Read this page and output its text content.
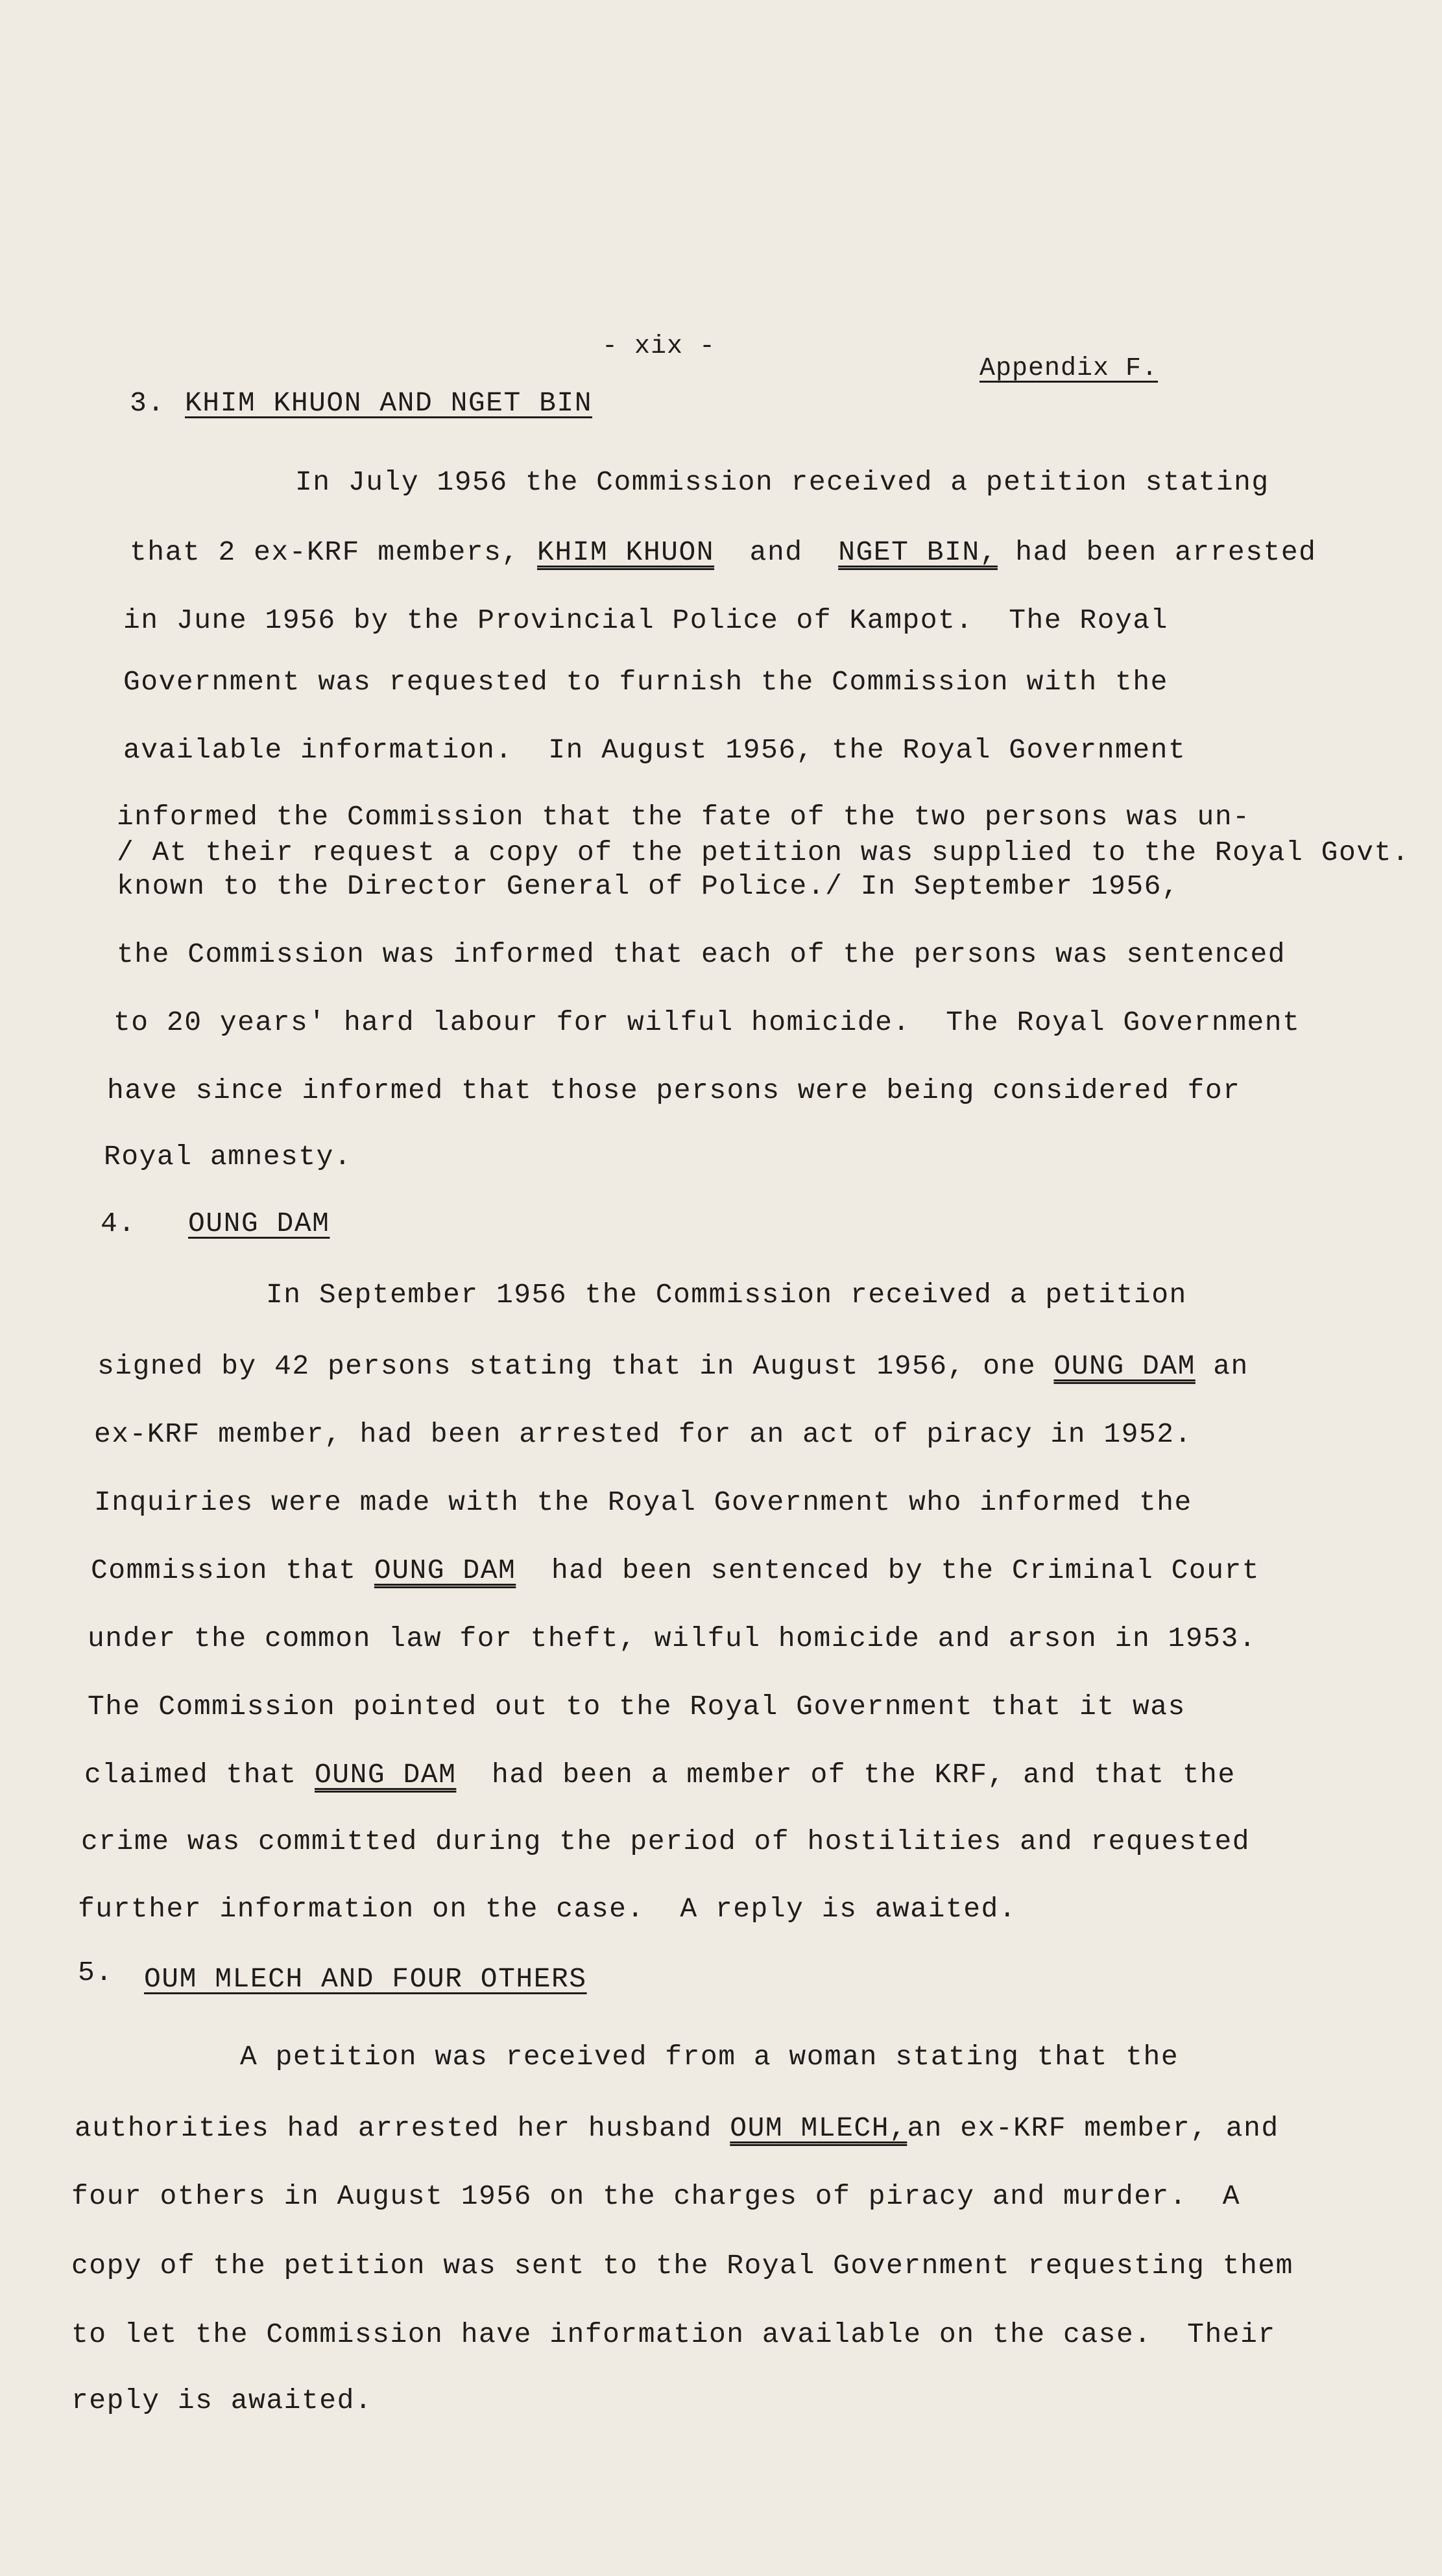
- xix -
Appendix F.
3. KHIM KHUON AND NGET BIN
In July 1956 the Commission received a petition stating
that 2 ex-KRF members, KHIM KHUON and NGET BIN, had been arrested
in June 1956 by the Provincial Police of Kampot.  The Royal
Government was requested to furnish the Commission with the
available information.  In August 1956, the Royal Government
informed the Commission that the fate of the two persons was un-
/ At their request a copy of the petition was supplied to the Royal Govt.
known to the Director General of Police./ In September 1956,
the Commission was informed that each of the persons was sentenced
to 20 years' hard labour for wilful homicide.  The Royal Government
have since informed that those persons were being considered for
Royal amnesty.
4. OUNG DAM
In September 1956 the Commission received a petition
signed by 42 persons stating that in August 1956, one OUNG DAM an
ex-KRF member, had been arrested for an act of piracy in 1952.
Inquiries were made with the Royal Government who informed the
Commission that OUNG DAM had been sentenced by the Criminal Court
under the common law for theft, wilful homicide and arson in 1953.
The Commission pointed out to the Royal Government that it was
claimed that OUNG DAM had been a member of the KRF, and that the
crime was committed during the period of hostilities and requested
further information on the case.  A reply is awaited.
5. OUM MLECH AND FOUR OTHERS
A petition was received from a woman stating that the
authorities had arrested her husband OUM MLECH,an ex-KRF member, and
four others in August 1956 on the charges of piracy and murder.  A
copy of the petition was sent to the Royal Government requesting them
to let the Commission have information available on the case.  Their
reply is awaited.
